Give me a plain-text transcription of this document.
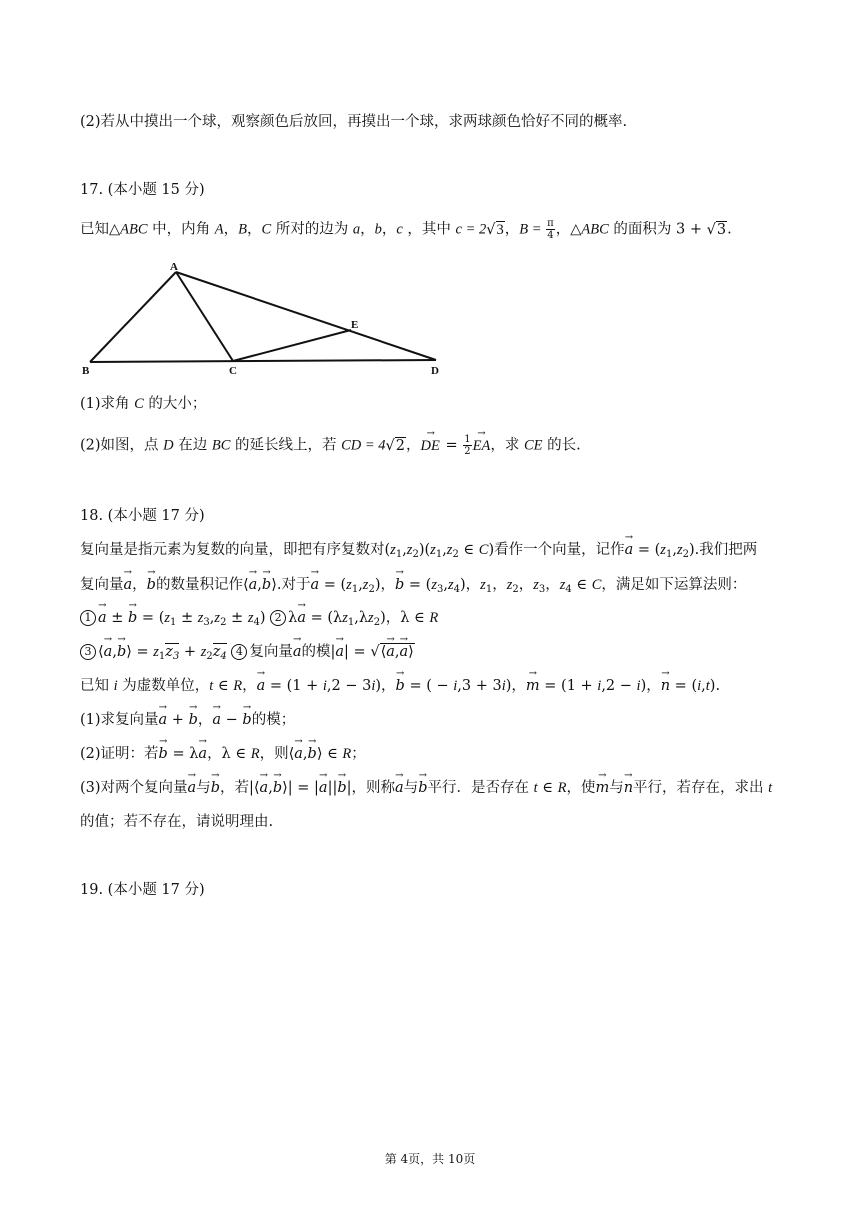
(2)若从中摸出一个球，观察颜色后放回，再摸出一个球，求两球颜色恰好不同的概率.
17. (本小题 15 分)
已知△ABC 中，内角 A，B，C 所对的边为 a，b，c ，其中 c = 2√3，$B = \frac{\pi}{4}$ ，△ABC 的面积为 3 + √3.
A
B	C	D
E
(1)求角 C 的大小；
(2)如图，点 D 在边 BC 的延长线上，若 CD = 4√2，DE → = $\frac{1}{2}$ EA →，求 CE 的长.
18. (本小题 17 分)
复向量是指元素为复数的向量，即把有序复数对$(z_1,z_2)(z_1,z_2$ ∈ C)看作一个向量，记作a → = $(z_1,z_2)$.我们把两
复向量a →，b →的数量积记作⟨a →,b →⟩.对于a → = $(z_1,z_2)$，b → = $(z_3,z_4)$，$z_1$，$z_2$，$z_3$，$z_4$ ∈ C，满足如下运算法则：
1 a → ± b → = $(z_1 \pm z_3,z_2 \pm z_4)$ 2 λa → = $(\lambda z_1,\lambda z_2)$，λ ∈ R
3 ⟨a →,b →⟩ = $z_1z_3 + z_2z_4$ 4 复向量a →的模|a →| = √⟨a →,a →⟩
已知 i 为虚数单位，t ∈ R，a → = (1 + i,2 − 3i)，b → = ( − i,3 + 3i)，m → = (1 + i,2 − i)，n → = (i,t).
(1)求复向量a → + b →，a → − b →的模；
(2)证明：若b → = λa →，λ ∈ R，则⟨a →,b →⟩ ∈ R；
(3)对两个复向量a →与b →，若|⟨a →,b →⟩| = |a →||b →|，则称a →与b →平行．是否存在 t ∈ R，使m →与n →平行，若存在，求出 t
的值；若不存在，请说明理由.
19. (本小题 17 分)
第 4页，共 10页
